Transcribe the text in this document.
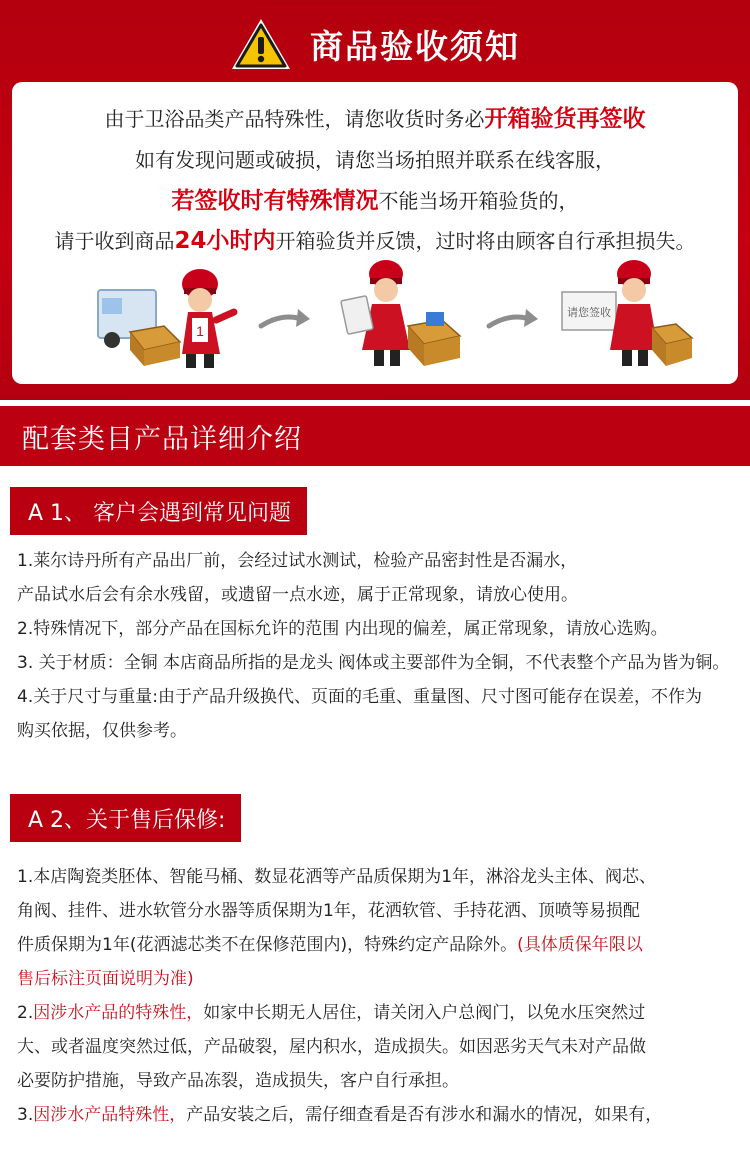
商品验收须知
由于卫浴品类产品特殊性，请您收货时务必开箱验货再签收
如有发现问题或破损，请您当场拍照并联系在线客服，
若签收时有特殊情况不能当场开箱验货的，
请于收到商品24小时内开箱验货并反馈，过时将由顾客自行承担损失。
1
请您签收
配套类目产品详细介绍
A 1、 客户会遇到常见问题
1.莱尔诗丹所有产品出厂前，会经过试水测试，检验产品密封性是否漏水，
产品试水后会有余水残留，或遗留一点水迹，属于正常现象，请放心使用。
2.特殊情况下，部分产品在国标允许的范围 内出现的偏差，属正常现象，请放心选购。
3. 关于材质：全铜 本店商品所指的是龙头 阀体或主要部件为全铜，不代表整个产品为皆为铜。
4.关于尺寸与重量:由于产品升级换代、页面的毛重、重量图、尺寸图可能存在误差，不作为
购买依据，仅供参考。
A 2、关于售后保修:
1.本店陶瓷类胚体、智能马桶、数显花洒等产品质保期为1年，淋浴龙头主体、阀芯、
角阀、挂件、进水软管分水器等质保期为1年，花洒软管、手持花洒、顶喷等易损配
件质保期为1年(花洒滤芯类不在保修范围内)，特殊约定产品除外。(具体质保年限以
售后标注页面说明为准)
2.因涉水产品的特殊性，如家中长期无人居住，请关闭入户总阀门，以免水压突然过
大、或者温度突然过低，产品破裂，屋内积水，造成损失。如因恶劣天气未对产品做
必要防护措施，导致产品冻裂，造成损失，客户自行承担。
3.因涉水产品特殊性，产品安装之后，需仔细查看是否有涉水和漏水的情况，如果有，
